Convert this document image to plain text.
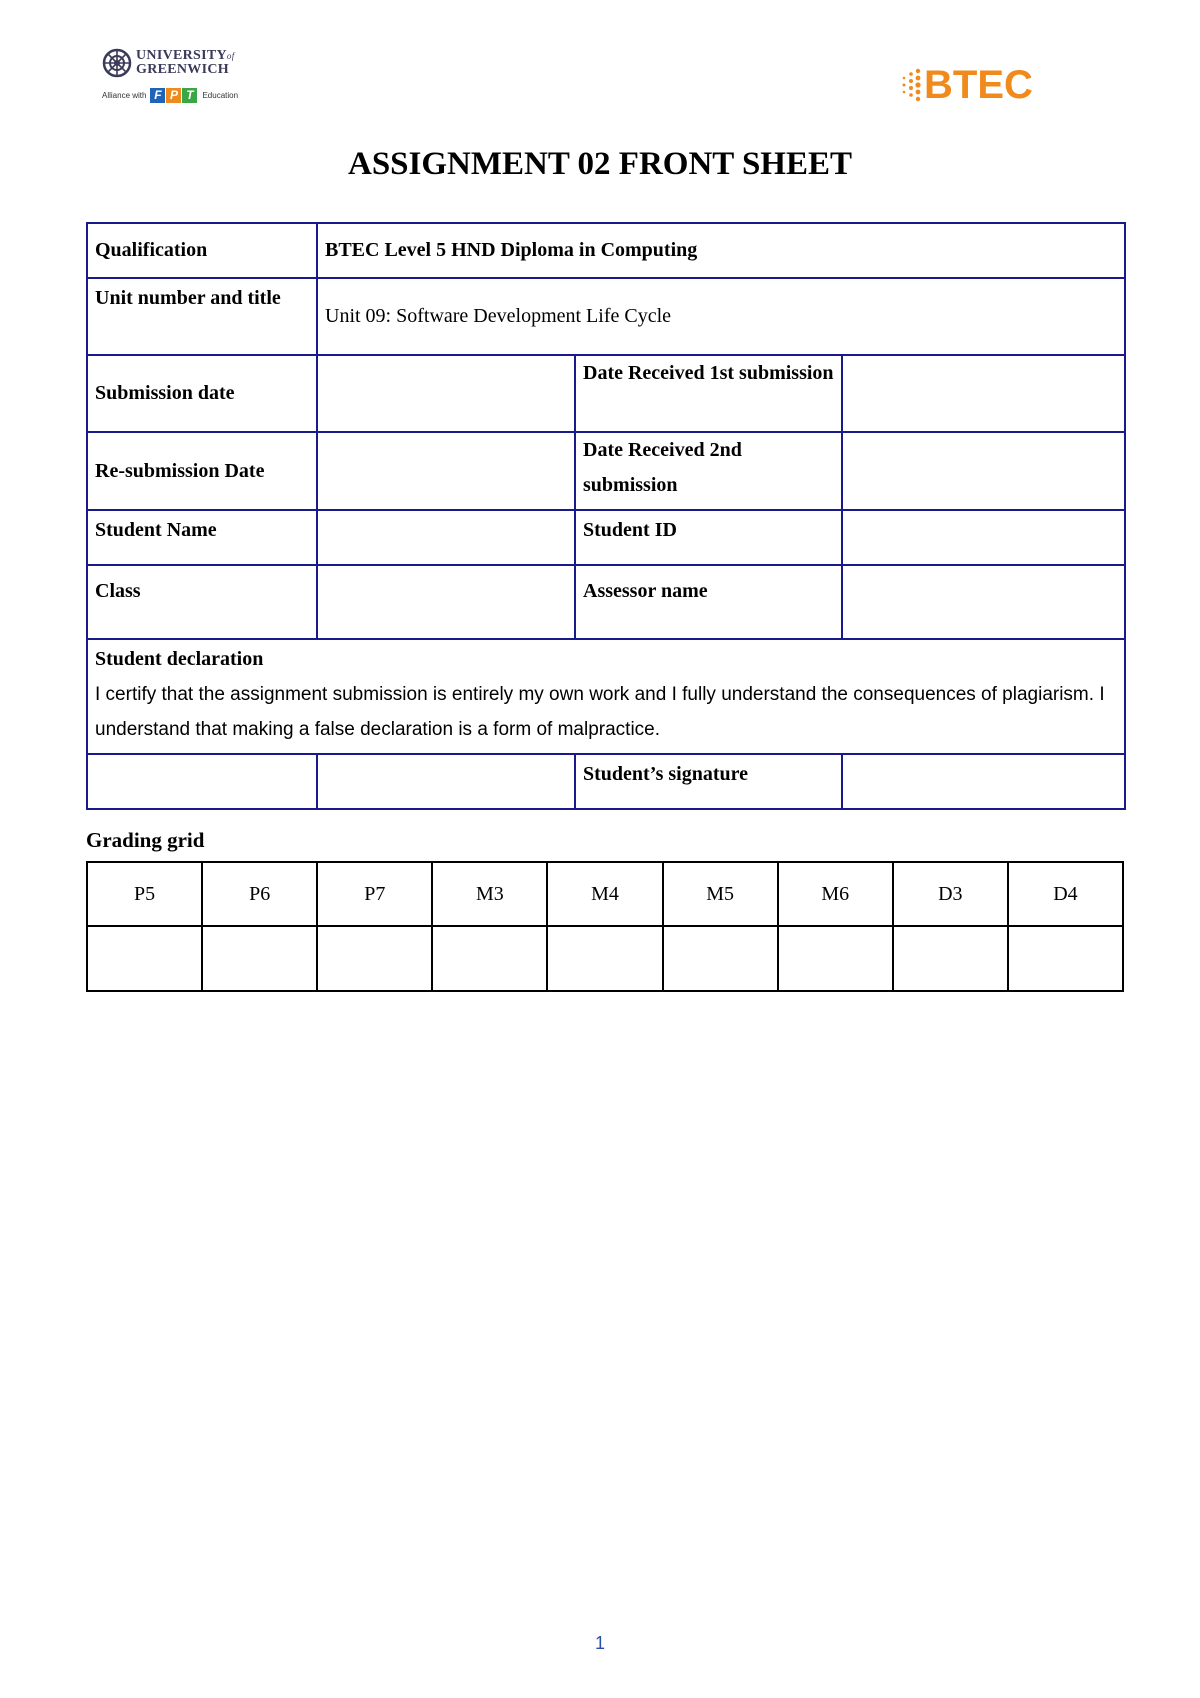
UNIVERSITYof
GREENWICH
Alliance with F P T	Education	BTEC
ASSIGNMENT 02 FRONT SHEET
Qualification	BTEC Level 5 HND Diploma in Computing		
Unit number and title	Unit 09: Software Development Life Cycle		
Submission date		Date Received 1st submission	
Re-submission Date		Date Received 2nd submission	
Student Name		Student ID	
Class		Assessor name	

Student declaration
I certify that the assignment submission is entirely my own work and I fully understand the consequences of plagiarism. I understand that making a false declaration is a form of malpractice.			

		Student’s signature	
Grading grid
P5	P6	P7	M3	M4	M5	M6	D3	D4

1
